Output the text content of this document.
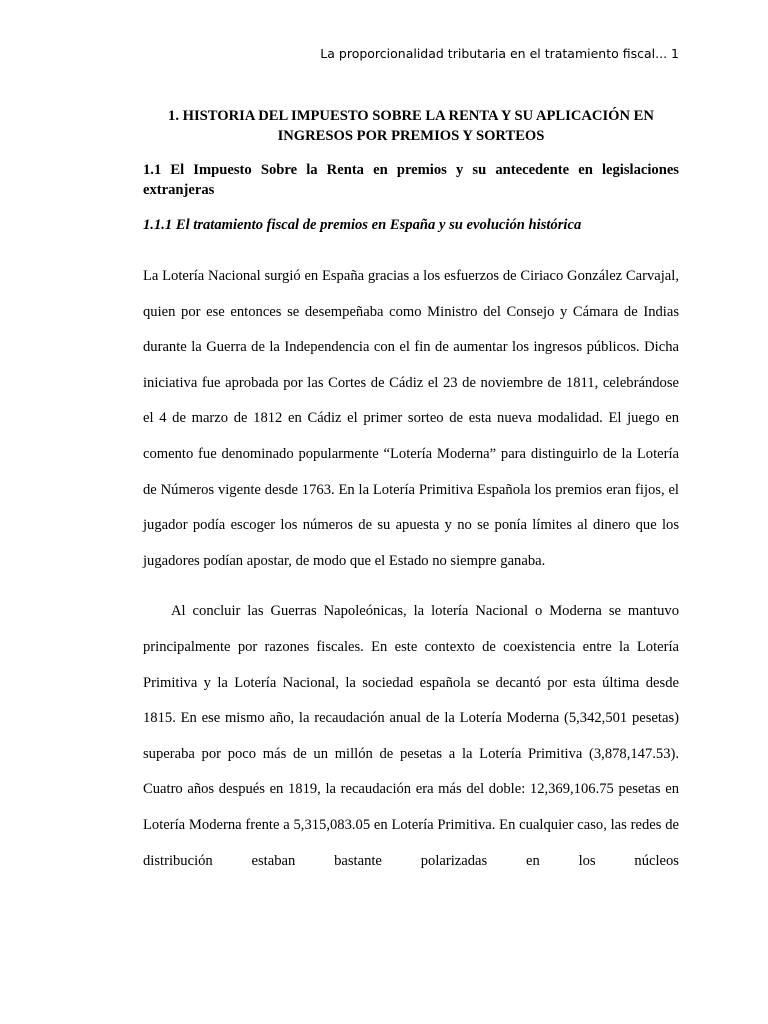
La proporcionalidad tributaria en el tratamiento fiscal... 1
1. HISTORIA DEL IMPUESTO SOBRE LA RENTA Y SU APLICACIÓN EN INGRESOS POR PREMIOS Y SORTEOS
1.1 El Impuesto Sobre la Renta en premios y su antecedente en legislaciones extranjeras
1.1.1 El tratamiento fiscal de premios en España y su evolución histórica

La Lotería Nacional surgió en España gracias a los esfuerzos de Ciriaco González Carvajal, quien por ese entonces se desempeñaba como Ministro del Consejo y Cámara de Indias durante la Guerra de la Independencia con el fin de aumentar los ingresos públicos. Dicha iniciativa fue aprobada por las Cortes de Cádiz el 23 de noviembre de 1811, celebrándose el 4 de marzo de 1812 en Cádiz el primer sorteo de esta nueva modalidad. El juego en comento fue denominado popularmente “Lotería Moderna” para distinguirlo de la Lotería de Números vigente desde 1763. En la Lotería Primitiva Española los premios eran fijos, el jugador podía escoger los números de su apuesta y no se ponía límites al dinero que los jugadores podían apostar, de modo que el Estado no siempre ganaba.

Al concluir las Guerras Napoleónicas, la lotería Nacional o Moderna se mantuvo principalmente por razones fiscales. En este contexto de coexistencia entre la Lotería Primitiva y la Lotería Nacional, la sociedad española se decantó por esta última desde 1815. En ese mismo año, la recaudación anual de la Lotería Moderna (5,342,501 pesetas) superaba por poco más de un millón de pesetas a la Lotería Primitiva (3,878,147.53). Cuatro años después en 1819, la recaudación era más del doble: 12,369,106.75 pesetas en Lotería Moderna frente a 5,315,083.05 en Lotería Primitiva. En cualquier caso, las redes de distribución estaban bastante polarizadas en los núcleos
